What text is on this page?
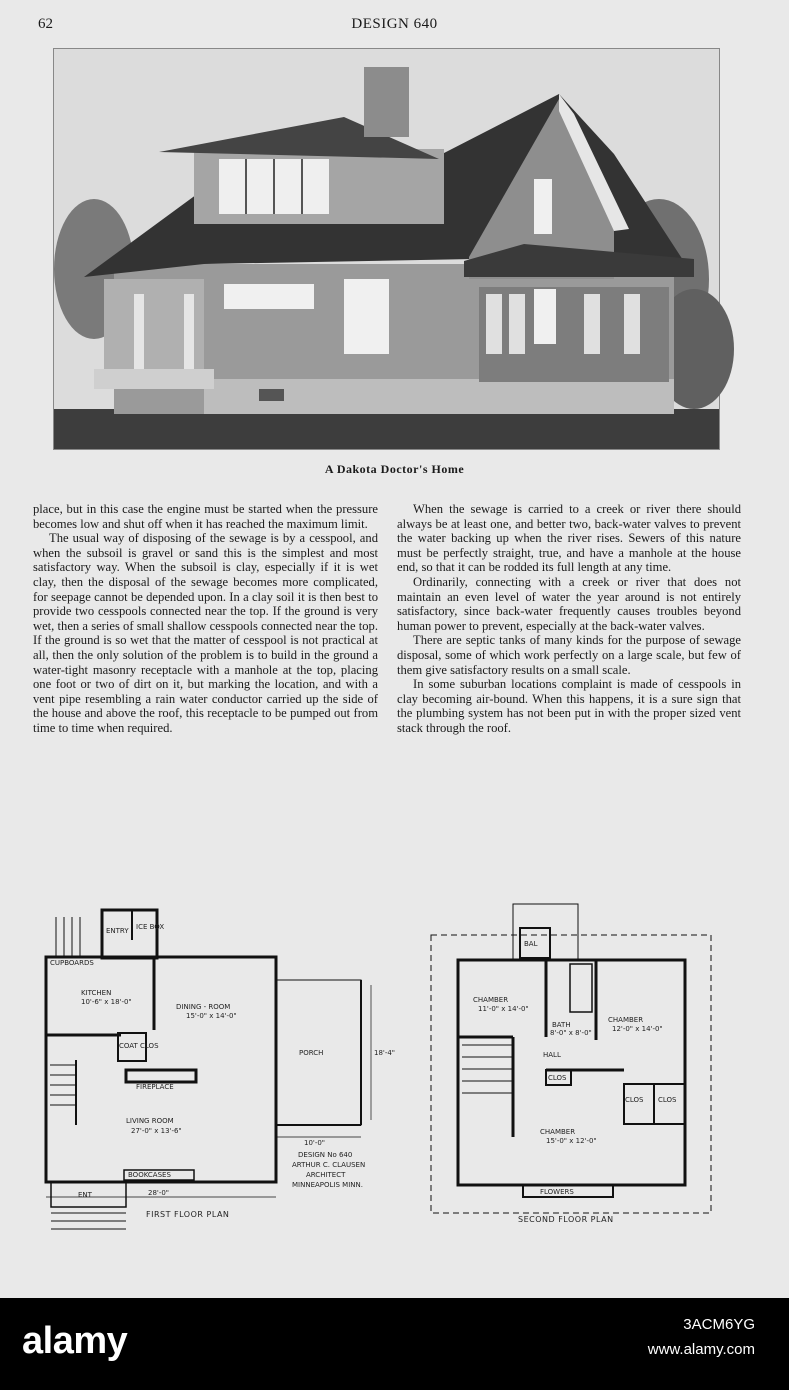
62	DESIGN 640
A Dakota Doctor's Home

place, but in this case the engine must be started when the pressure becomes low and shut off when it has reached the maximum limit.

The usual way of disposing of the sewage is by a cesspool, and when the subsoil is gravel or sand this is the simplest and most satisfactory way. When the subsoil is clay, especially if it is wet clay, then the disposal of the sewage becomes more complicated, for seepage cannot be depended upon. In a clay soil it is then best to provide two cesspools connected near the top. If the ground is very wet, then a series of small shallow cesspools connected near the top. If the ground is so wet that the matter of cesspool is not practical at all, then the only solution of the problem is to build in the ground a water-tight masonry receptacle with a manhole at the top, placing one foot or two of dirt on it, but marking the location, and with a vent pipe resembling a rain water conductor carried up the side of the house and above the roof, this receptacle to be pumped out from time to time when required.

When the sewage is carried to a creek or river there should always be at least one, and better two, back-water valves to prevent the water backing up when the river rises. Sewers of this nature must be perfectly straight, true, and have a manhole at the house end, so that it can be rodded its full length at any time.

Ordinarily, connecting with a creek or river that does not maintain an even level of water the year around is not entirely satisfactory, since back-water frequently causes troubles beyond human power to prevent, especially at the back-water valves.

There are septic tanks of many kinds for the purpose of sewage disposal, some of which work perfectly on a large scale, but few of them give satisfactory results on a small scale.

In some suburban locations complaint is made of cesspools in clay becoming air-bound. When this happens, it is a sure sign that the plumbing system has not been put in with the proper sized vent stack through the roof.

ENTRY ICE BOX
CUPBOARDS
KITCHEN
10'-6" x 18'-0"
DINING - ROOM
15'-0" x 14'-0"
PORCH
COAT CLOS
FIREPLACE
LIVING ROOM
27'-0" x 13'-6"
BOOKCASES
ENT	28'-0"
10'-0"
18'-4"
DESIGN No 640
ARTHUR C. CLAUSEN
ARCHITECT
MINNEAPOLIS MINN.
FIRST FLOOR PLAN
CHAMBER
11'-0" x 14'-0"
CHAMBER
12'-0" x 14'-0"
BATH
8'-0" x 8'-0"
HALL
CLOS
CLOS CLOS
CHAMBER
15'-0" x 12'-0"
FLOWERS
BAL
SECOND FLOOR PLAN
alamy	3ACM6YG
www.alamy.com
